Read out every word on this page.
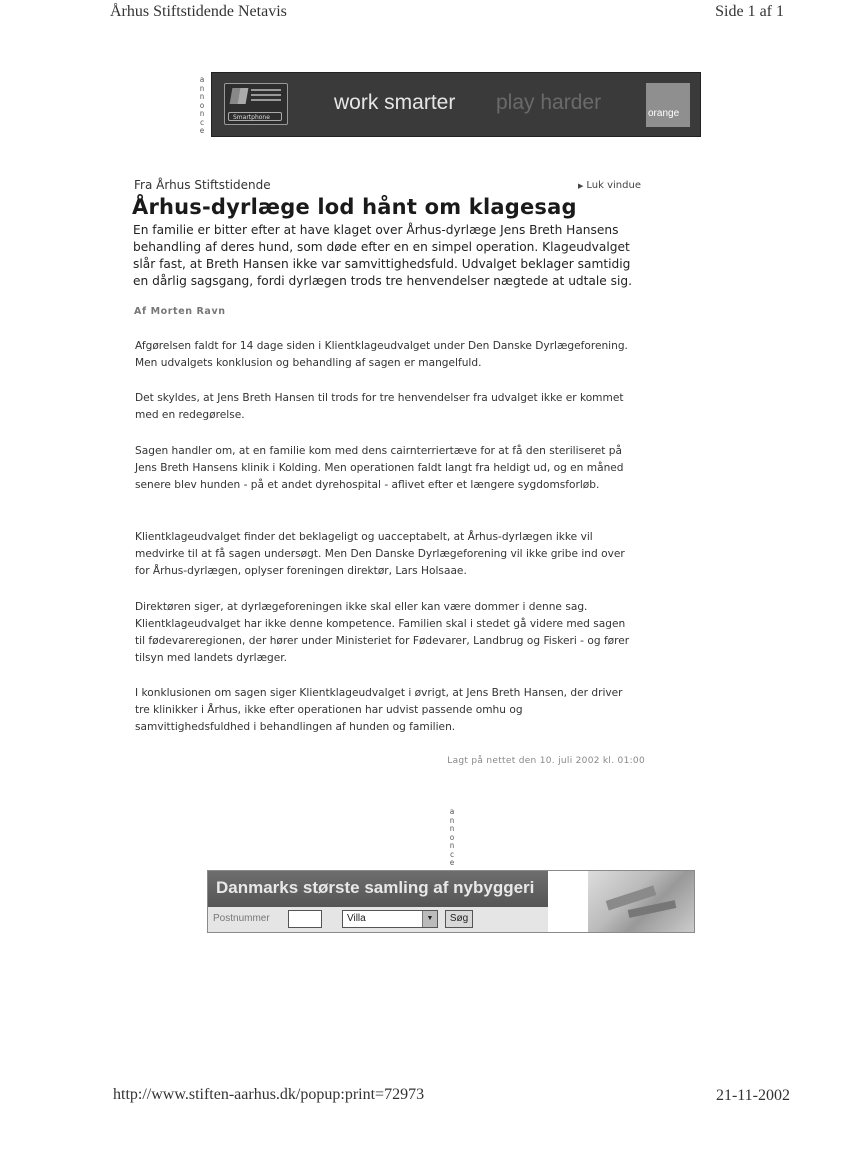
Århus Stiftstidende Netavis	Side 1 af 1
annonce
Smartphone
work smarter play harder	orange
Fra Århus Stiftstidende	▶ Luk vindue
Århus-dyrlæge lod hånt om klagesag
En familie er bitter efter at have klaget over Århus-dyrlæge Jens Breth Hansens behandling af deres hund, som døde efter en en simpel operation. Klageudvalget slår fast, at Breth Hansen ikke var samvittighedsfuld. Udvalget beklager samtidig en dårlig sagsgang, fordi dyrlægen trods tre henvendelser nægtede at udtale sig.
Af Morten Ravn
Afgørelsen faldt for 14 dage siden i Klientklageudvalget under Den Danske Dyrlægeforening. Men udvalgets konklusion og behandling af sagen er mangelfuld.
Det skyldes, at Jens Breth Hansen til trods for tre henvendelser fra udvalget ikke er kommet med en redegørelse.
Sagen handler om, at en familie kom med dens cairnterriertæve for at få den steriliseret på Jens Breth Hansens klinik i Kolding. Men operationen faldt langt fra heldigt ud, og en måned senere blev hunden - på et andet dyrehospital - aflivet efter et længere sygdomsforløb.
Klientklageudvalget finder det beklageligt og uacceptabelt, at Århus-dyrlægen ikke vil medvirke til at få sagen undersøgt. Men Den Danske Dyrlægeforening vil ikke gribe ind over for Århus-dyrlægen, oplyser foreningen direktør, Lars Holsaae.
Direktøren siger, at dyrlægeforeningen ikke skal eller kan være dommer i denne sag. Klientklageudvalget har ikke denne kompetence. Familien skal i stedet gå videre med sagen til fødevareregionen, der hører under Ministeriet for Fødevarer, Landbrug og Fiskeri - og fører tilsyn med landets dyrlæger.
I konklusionen om sagen siger Klientklageudvalget i øvrigt, at Jens Breth Hansen, der driver tre klinikker i Århus, ikke efter operationen har udvist passende omhu og samvittighedsfuldhed i behandlingen af hunden og familien.
Lagt på nettet den 10. juli 2002 kl. 01:00
annonce
Danmarks største samling af nybyggeri
Postnummer	Villa	▼	Søg
http://www.stiften-aarhus.dk/popup:print=72973	21-11-2002
